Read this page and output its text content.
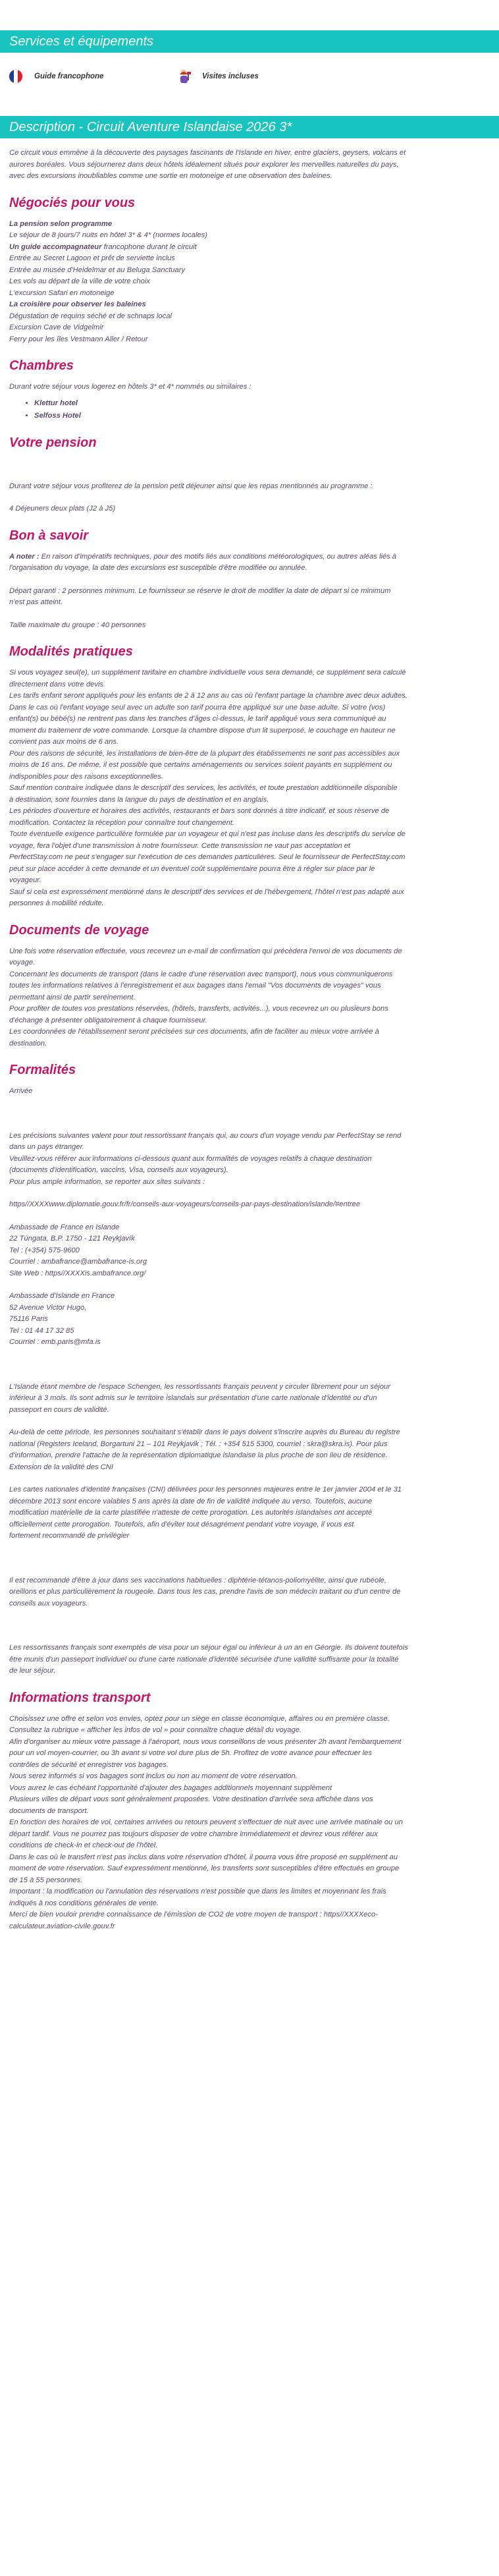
Services et équipements
Guide francophone	Visites incluses
Description - Circuit Aventure Islandaise 2026 3*

Ce circuit vous emmène à la découverte des paysages fascinants de l'Islande en hiver, entre glaciers, geysers, volcans et

aurores boréales. Vous séjournerez dans deux hôtels idéalement situés pour explorer les merveilles naturelles du pays,

avec des excursions inoubliables comme une sortie en motoneige et une observation des baleines.

Négociés pour vous

La pension selon programme

Le séjour de 8 jours/7 nuits en hôtel 3* & 4* (normes locales)

Un guide accompagnateur francophone durant le circuit

Entrée au Secret Lagoon et prêt de serviette inclus

Entrée au musée d'Heidelmar et au Beluga Sanctuary

Les vols au départ de la ville de votre choix

L'excursion Safari en motoneige

La croisière pour observer les baleines

Dégustation de requins séché et de schnaps local

Excursion Cave de Vidgelmir

Ferry pour les îles Vestmann Aller / Retour

Chambres

Durant votre séjour vous logerez en hôtels 3* et 4* nommés ou similaires :

• Klettur hotel
• Selfoss Hotel
Votre pension

Durant votre séjour vous profiterez de la pension petit déjeuner ainsi que les repas mentionnés au programme :

4 Déjeuners deux plats (J2 à J5)

Bon à savoir

A noter : En raison d'impératifs techniques, pour des motifs liés aux conditions météorologiques, ou autres aléas liés à

l'organisation du voyage, la date des excursions est susceptible d'être modifiée ou annulée.

Départ garanti : 2 personnes minimum. Le fournisseur se réserve le droit de modifier la date de départ si ce minimum

n'est pas atteint.

Taille maximale du groupe : 40 personnes

Modalités pratiques

Si vous voyagez seul(e), un supplément tarifaire en chambre individuelle vous sera demandé, ce supplément sera calculé

directement dans votre devis.

Les tarifs enfant seront appliqués pour les enfants de 2 à 12 ans au cas où l'enfant partage la chambre avec deux adultes.

Dans le cas où l'enfant voyage seul avec un adulte son tarif pourra être appliqué sur une base adulte. Si votre (vos)

enfant(s) ou bébé(s) ne rentrent pas dans les tranches d'âges ci-dessus, le tarif appliqué vous sera communiqué au

moment du traitement de votre commande. Lorsque la chambre dispose d'un lit superposé, le couchage en hauteur ne

convient pas aux moins de 6 ans.

Pour des raisons de sécurité, les installations de bien-être de la plupart des établissements ne sont pas accessibles aux

moins de 16 ans. De même, il est possible que certains aménagements ou services soient payants en supplément ou

indisponibles pour des raisons exceptionnelles.

Sauf mention contraire indiquée dans le descriptif des services, les activités, et toute prestation additionnelle disponible

à destination, sont fournies dans la langue du pays de destination et en anglais.

Les périodes d'ouverture et horaires des activités, restaurants et bars sont donnés à titre indicatif, et sous réserve de

modification. Contactez la réception pour connaître tout changement.

Toute éventuelle exigence particulière formulée par un voyageur et qui n'est pas incluse dans les descriptifs du service de

voyage, fera l'objet d'une transmission à notre fournisseur. Cette transmission ne vaut pas acceptation et

PerfectStay.com ne peut s'engager sur l'exécution de ces demandes particulières. Seul le fournisseur de PerfectStay.com

peut sur place accéder à cette demande et un éventuel coût supplémentaire pourra être à régler sur place par le

voyageur.

Sauf si cela est expressément mentionné dans le descriptif des services et de l'hébergement, l'hôtel n'est pas adapté aux

personnes à mobilité réduite.

Documents de voyage

Une fois votre réservation effectuée, vous recevrez un e-mail de confirmation qui précèdera l'envoi de vos documents de

voyage.

Concernant les documents de transport (dans le cadre d'une réservation avec transport), nous vous communiquerons

toutes les informations relatives à l'enregistrement et aux bagages dans l'email "Vos documents de voyages" vous

permettant ainsi de partir sereinement.

Pour profiter de toutes vos prestations réservées, (hôtels, transferts, activités...), vous recevrez un ou plusieurs bons

d'échange à présenter obligatoirement à chaque fournisseur.

Les coordonnées de l'établissement seront précisées sur ces documents, afin de faciliter au mieux votre arrivée à

destination.

Formalités

Arrivée

Les précisions suivantes valent pour tout ressortissant français qui, au cours d'un voyage vendu par PerfectStay se rend

dans un pays étranger.

Veuillez-vous référer aux informations ci-dessous quant aux formalités de voyages relatifs à chaque destination

(documents d'identification, vaccins, Visa, conseils aux voyageurs).

Pour plus ample information, se reporter aux sites suivants :

https//XXXXwww.diplomatie.gouv.fr/fr/conseils-aux-voyageurs/conseils-par-pays-destination/islande/#entree

Ambassade de France en Islande

22 Túngata, B.P. 1750 - 121 Reykjavík

Tel : (+354) 575-9600

Courriel : ambafrance@ambafrance-is.org

Site Web : https//XXXXis.ambafrance.org/

Ambassade d'Islande en France

52 Avenue Victor Hugo,

75116 Paris

Tel : 01 44 17 32 85

Courriel : emb.paris@mfa.is

L'Islande étant membre de l'espace Schengen, les ressortissants français peuvent y circuler librement pour un séjour

inférieur à 3 mois. Ils sont admis sur le territoire islandais sur présentation d'une carte nationale d'identité ou d'un

passeport en cours de validité.

Au-delà de cette période, les personnes souhaitant s'établir dans le pays doivent s'inscrire auprès du Bureau du registre

national (Registers Iceland, Borgartuni 21 – 101 Reykjavik ; Tél. : +354 515 5300, courriel : skra@skra.is). Pour plus

d'information, prendre l'attache de la représentation diplomatique islandaise la plus proche de son lieu de résidence.

Extension de la validité des CNI

Les cartes nationales d'identité françaises (CNI) délivrées pour les personnes majeures entre le 1er janvier 2004 et le 31

décembre 2013 sont encore valables 5 ans après la date de fin de validité indiquée au verso. Toutefois, aucune

modification matérielle de la carte plastifiée n'atteste de cette prorogation. Les autorités islandaises ont accepté

officiellement cette prorogation. Toutefois, afin d'éviter tout désagrément pendant votre voyage, il vous est

fortement recommandé de privilégier

Il est recommandé d'être à jour dans ses vaccinations habituelles : diphtérie-tétanos-poliomyélite, ainsi que rubéole,

oreillons et plus particulièrement la rougeole. Dans tous les cas, prendre l'avis de son médecin traitant ou d'un centre de

conseils aux voyageurs.

Les ressortissants français sont exemptés de visa pour un séjour égal ou inférieur à un an en Géorgie. Ils doivent toutefois

être munis d'un passeport individuel ou d'une carte nationale d'identité sécurisée d'une validité suffisante pour la totalité

de leur séjour.

Informations transport

Choisissez une offre et selon vos envies, optez pour un siège en classe économique, affaires ou en première classe.

Consultez la rubrique « afficher les infos de vol » pour connaître chaque détail du voyage.

Afin d'organiser au mieux votre passage à l'aéroport, nous vous conseillons de vous présenter 2h avant l'embarquement

pour un vol moyen-courrier, ou 3h avant si votre vol dure plus de 5h. Profitez de votre avance pour effectuer les

contrôles de sécurité et enregistrer vos bagages.

Nous serez informés si vos bagages sont inclus ou non au moment de votre réservation.

Vous aurez le cas échéant l'opportunité d'ajouter des bagages additionnels moyennant supplément

Plusieurs villes de départ vous sont généralement proposées. Votre destination d'arrivée sera affichée dans vos

documents de transport.

En fonction des horaires de vol, certaines arrivées ou retours peuvent s'effectuer de nuit avec une arrivée matinale ou un

départ tardif. Vous ne pourrez pas toujours disposer de votre chambre immédiatement et devrez vous référer aux

conditions de check-in et check-out de l'hôtel.

Dans le cas où le transfert n'est pas inclus dans votre réservation d'hôtel, il pourra vous être proposé en supplément au

moment de votre réservation. Sauf expressément mentionné, les transferts sont susceptibles d'être effectués en groupe

de 15 à 55 personnes.

Important : la modification ou l'annulation des réservations n'est possible que dans les limites et moyennant les frais

indiqués à nos conditions générales de vente.

Merci de bien vouloir prendre connaissance de l'émission de CO2 de votre moyen de transport : https//XXXXeco-

calculateur.aviation-civile.gouv.fr
